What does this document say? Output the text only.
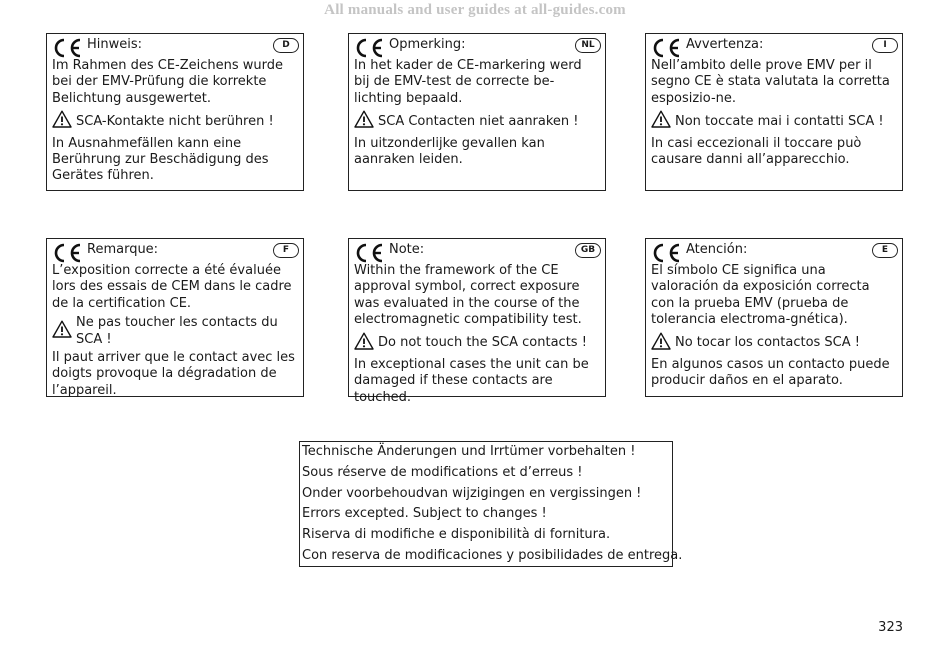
All manuals and user guides at all-guides.com
Hinweis:	D

Im Rahmen des CE-Zeichens wurde bei der EMV-Prüfung die korrekte Belichtung ausgewertet.

SCA-Kontakte nicht berühren !

In Ausnahmefällen kann eine Berührung zur Beschädigung des Gerätes führen.

Opmerking:	NL

In het kader de CE-markering werd bij de EMV-test de correcte be-lichting bepaald.

SCA Contacten niet aanraken !

In uitzonderlijke gevallen kan aanraken leiden.

Avvertenza:	I

Nell’ambito delle prove EMV per il segno CE è stata valutata la corretta esposizio-ne.

Non toccate mai i contatti SCA !

In casi eccezionali il toccare può causare danni all’apparecchio.

Remarque:	F

L’exposition correcte a été évaluée lors des essais de CEM dans le cadre de la certification CE.

Ne pas toucher les contacts du SCA !

Il paut arriver que le contact avec les doigts provoque la dégradation de l’appareil.

Note:	GB

Within the framework of the CE approval symbol, correct exposure was evaluated in the course of the electromagnetic compatibility test.

Do not touch the SCA contacts !

In exceptional cases the unit can be damaged if these contacts are touched.

Atención:	E

El símbolo CE significa una valoración da exposición correcta con la prueba EMV (prueba de tolerancia electroma-gnética).

No tocar los contactos SCA !

En algunos casos un contacto puede producir daños en el aparato.

Technische Änderungen und Irrtümer vorbehalten !
Sous réserve de modifications et d’erreus !
Onder voorbehoudvan wijzigingen en vergissingen !
Errors excepted. Subject to changes !
Riserva di modifiche e disponibilità di fornitura.
Con reserva de modificaciones y posibilidades de entrega.
323
